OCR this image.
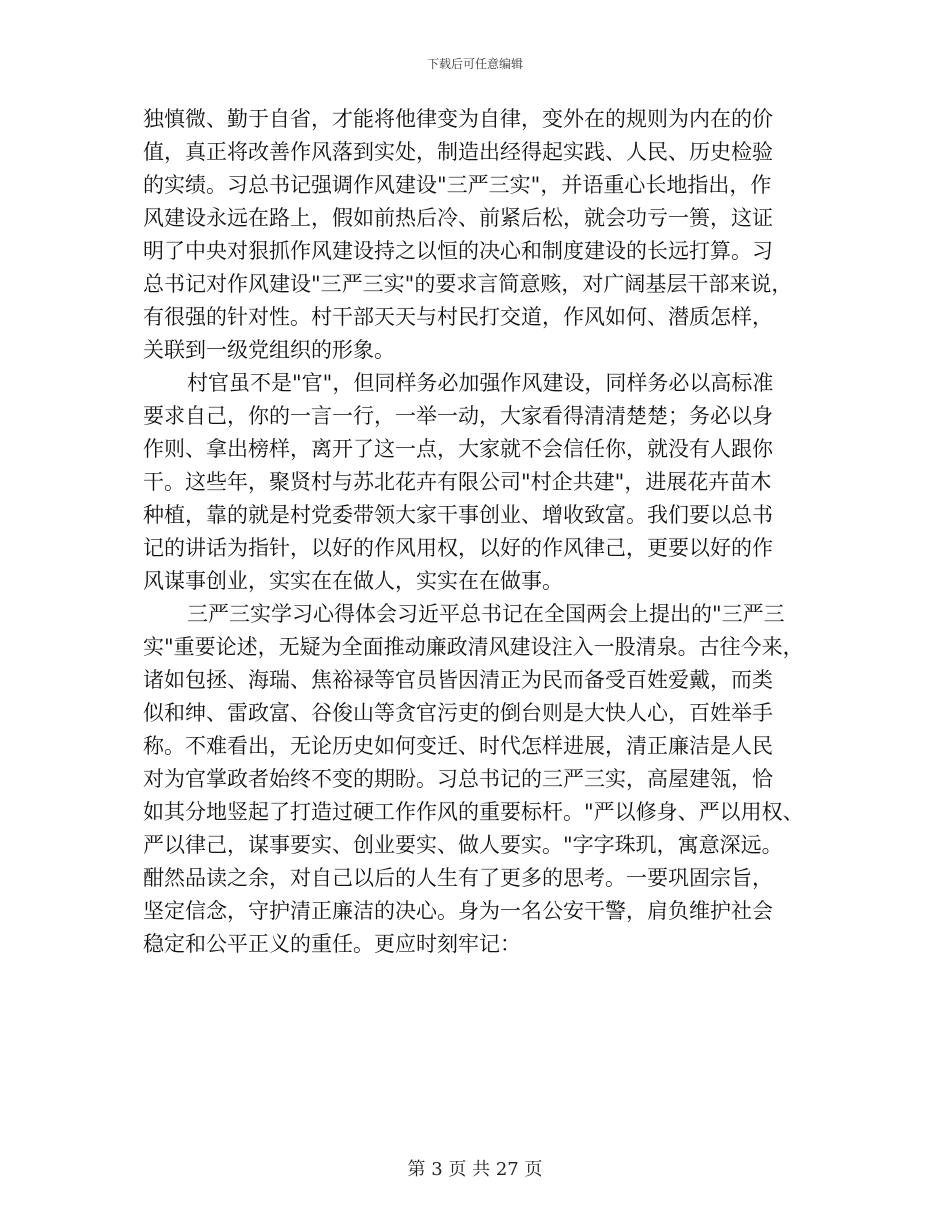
下载后可任意编辑
独慎微、勤于自省，才能将他律变为自律，变外在的规则为内在的价
值，真正将改善作风落到实处，制造出经得起实践、人民、历史检验
的实绩。习总书记强调作风建设"三严三实"，并语重心长地指出，作
风建设永远在路上，假如前热后冷、前紧后松，就会功亏一篑，这证
明了中央对狠抓作风建设持之以恒的决心和制度建设的长远打算。习
总书记对作风建设"三严三实"的要求言简意赅，对广阔基层干部来说，
有很强的针对性。村干部天天与村民打交道，作风如何、潜质怎样，
关联到一级党组织的形象。
村官虽不是"官"，但同样务必加强作风建设，同样务必以高标准
要求自己，你的一言一行，一举一动，大家看得清清楚楚；务必以身
作则、拿出榜样，离开了这一点，大家就不会信任你，就没有人跟你
干。这些年，聚贤村与苏北花卉有限公司"村企共建"，进展花卉苗木
种植，靠的就是村党委带领大家干事创业、增收致富。我们要以总书
记的讲话为指针，以好的作风用权，以好的作风律己，更要以好的作
风谋事创业，实实在在做人，实实在在做事。
三严三实学习心得体会习近平总书记在全国两会上提出的"三严三
实"重要论述，无疑为全面推动廉政清风建设注入一股清泉。古往今来，
诸如包拯、海瑞、焦裕禄等官员皆因清正为民而备受百姓爱戴，而类
似和绅、雷政富、谷俊山等贪官污吏的倒台则是大快人心，百姓举手
称。不难看出，无论历史如何变迁、时代怎样进展，清正廉洁是人民
对为官掌政者始终不变的期盼。习总书记的三严三实，高屋建瓴，恰
如其分地竖起了打造过硬工作作风的重要标杆。"严以修身、严以用权、
严以律己，谋事要实、创业要实、做人要实。"字字珠玑，寓意深远。
酣然品读之余，对自己以后的人生有了更多的思考。一要巩固宗旨，
坚定信念，守护清正廉洁的决心。身为一名公安干警，肩负维护社会
稳定和公平正义的重任。更应时刻牢记：
第 3 页 共 27 页
